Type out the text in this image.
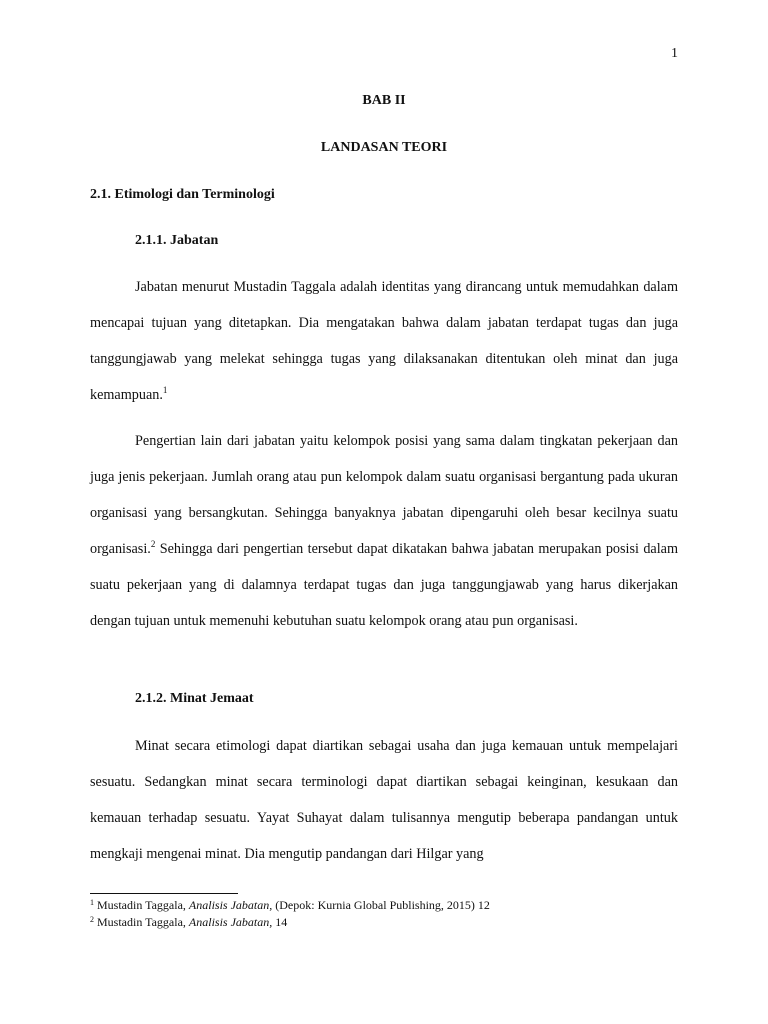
1
BAB II
LANDASAN TEORI
2.1. Etimologi dan Terminologi
2.1.1. Jabatan

Jabatan menurut Mustadin Taggala adalah identitas yang dirancang untuk memudahkan dalam mencapai tujuan yang ditetapkan. Dia mengatakan bahwa dalam jabatan terdapat tugas dan juga tanggungjawab yang melekat sehingga tugas yang dilaksanakan ditentukan oleh minat dan juga kemampuan.$^1$

Pengertian lain dari jabatan yaitu kelompok posisi yang sama dalam tingkatan pekerjaan dan juga jenis pekerjaan. Jumlah orang atau pun kelompok dalam suatu organisasi bergantung pada ukuran organisasi yang bersangkutan. Sehingga banyaknya jabatan dipengaruhi oleh besar kecilnya suatu organisasi.$^2$ Sehingga dari pengertian tersebut dapat dikatakan bahwa jabatan merupakan posisi dalam suatu pekerjaan yang di dalamnya terdapat tugas dan juga tanggungjawab yang harus dikerjakan dengan tujuan untuk memenuhi kebutuhan suatu kelompok orang atau pun organisasi.

2.1.2. Minat Jemaat

Minat secara etimologi dapat diartikan sebagai usaha dan juga kemauan untuk mempelajari sesuatu. Sedangkan minat secara terminologi dapat diartikan sebagai keinginan, kesukaan dan kemauan terhadap sesuatu. Yayat Suhayat dalam tulisannya mengutip beberapa pandangan untuk mengkaji mengenai minat. Dia mengutip pandangan dari Hilgar yang

$^1$ Mustadin Taggala, Analisis Jabatan, (Depok: Kurnia Global Publishing, 2015) 12
$^2$ Mustadin Taggala, Analisis Jabatan, 14
